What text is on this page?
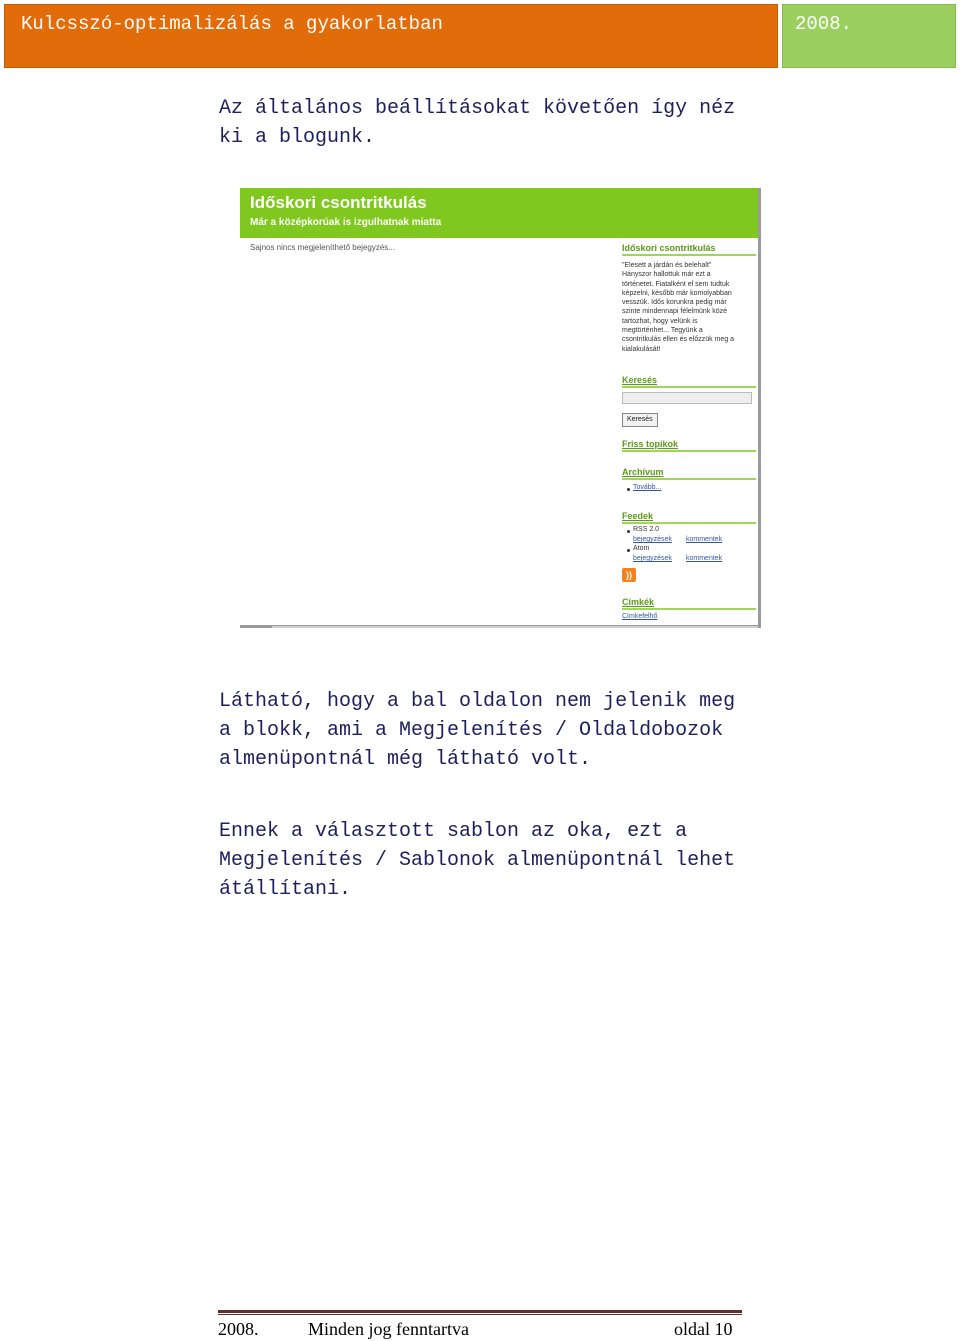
Kulcsszó-optimalizálás a gyakorlatban	2008.

Az általános beállításokat követően így néz ki a blogunk.

Időskori csontritkulás
Már a középkorúak is izgulhatnak miatta
Sajnos nincs megjeleníthető bejegyzés...	Időskori csontritkulás
"Elesett a járdán és belehalt"
Hányszor hallottuk már ezt a
történetet. Fiatalként el sem tudtuk
képzelni, később már komolyabban
vesszük. Idős korunkra pedig már
szinte mindennapi félelmünk közé
tartozhat, hogy velünk is
megtörténhet... Tegyünk a
csontritkulás ellen és előzzük meg a
kialakulását!
Keresés
Keresés
Friss topikok
Archívum
Tovább...
Feedek
RSS 2.0
bejegyzések kommentek
Atom
bejegyzések kommentek
))
Címkék
Címkefelhő

Látható, hogy a bal oldalon nem jelenik meg a blokk, ami a Megjelenítés / Oldaldobozok almenüpontnál még látható volt.

Ennek a választott sablon az oka, ezt a Megjelenítés / Sablonok almenüpontnál lehet átállítani.

2008.	Minden jog fenntartva	oldal 10
